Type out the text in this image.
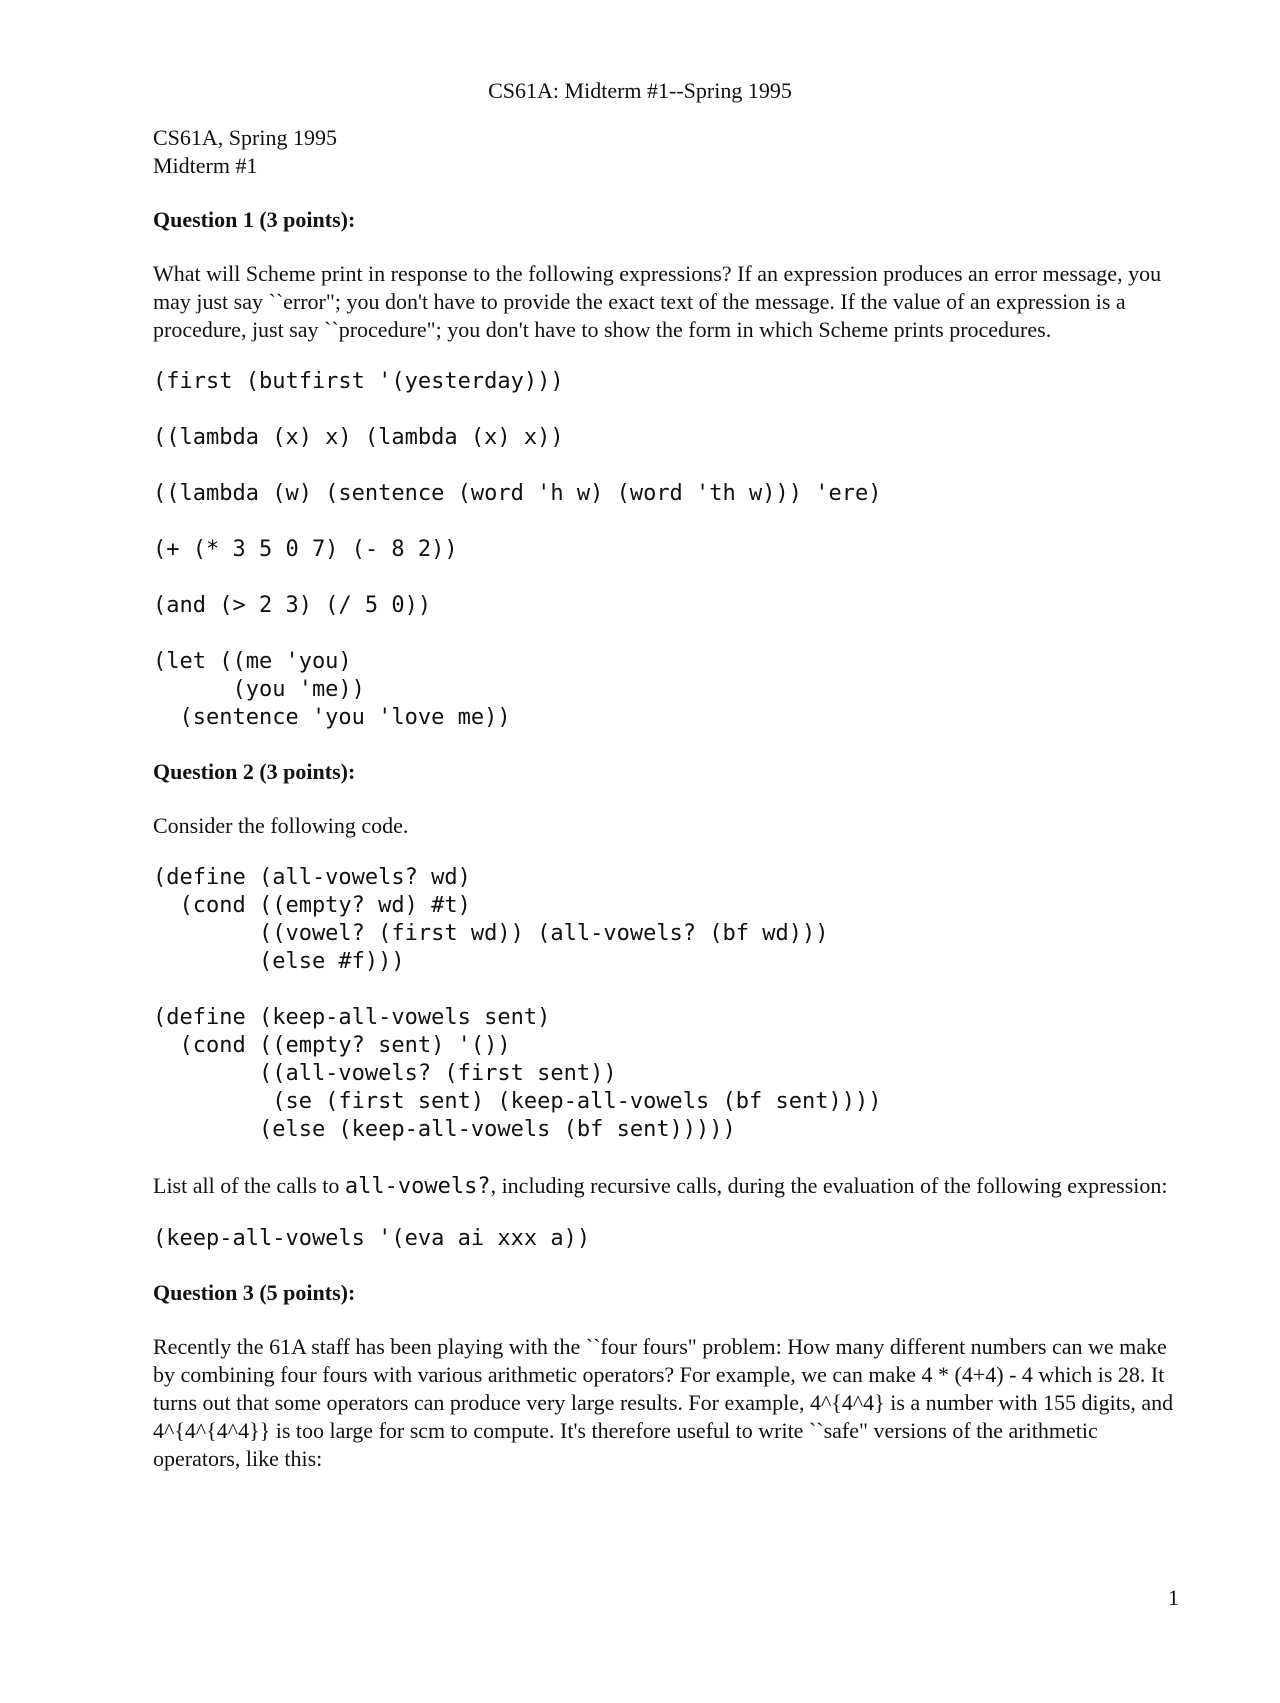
CS61A: Midterm #1--Spring 1995
CS61A, Spring 1995
Midterm #1
Question 1 (3 points):

What will Scheme print in response to the following expressions? If an expression produces an error message, you may just say ``error"; you don't have to provide the exact text of the message. If the value of an expression is a procedure, just say ``procedure"; you don't have to show the form in which Scheme prints procedures.

(first (butfirst '(yesterday)))
((lambda (x) x) (lambda (x) x))
((lambda (w) (sentence (word 'h w) (word 'th w))) 'ere)
(+ (* 3 5 0 7) (- 8 2))
(and (> 2 3) (/ 5 0))
(let ((me 'you)
(you 'me))
(sentence 'you 'love me))
Question 2 (3 points):

Consider the following code.

(define (all-vowels? wd)
(cond ((empty? wd) #t)
((vowel? (first wd)) (all-vowels? (bf wd)))
(else #f)))
(define (keep-all-vowels sent)
(cond ((empty? sent) '())
((all-vowels? (first sent))
(se (first sent) (keep-all-vowels (bf sent))))
(else (keep-all-vowels (bf sent)))))

List all of the calls to all-vowels?, including recursive calls, during the evaluation of the following expression:

(keep-all-vowels '(eva ai xxx a))
Question 3 (5 points):

Recently the 61A staff has been playing with the ``four fours" problem: How many different numbers can we make by combining four fours with various arithmetic operators? For example, we can make 4 * (4+4) - 4 which is 28. It turns out that some operators can produce very large results. For example, 4^{4^4} is a number with 155 digits, and 4^{4^{4^4}} is too large for scm to compute. It's therefore useful to write ``safe" versions of the arithmetic operators, like this:

1
